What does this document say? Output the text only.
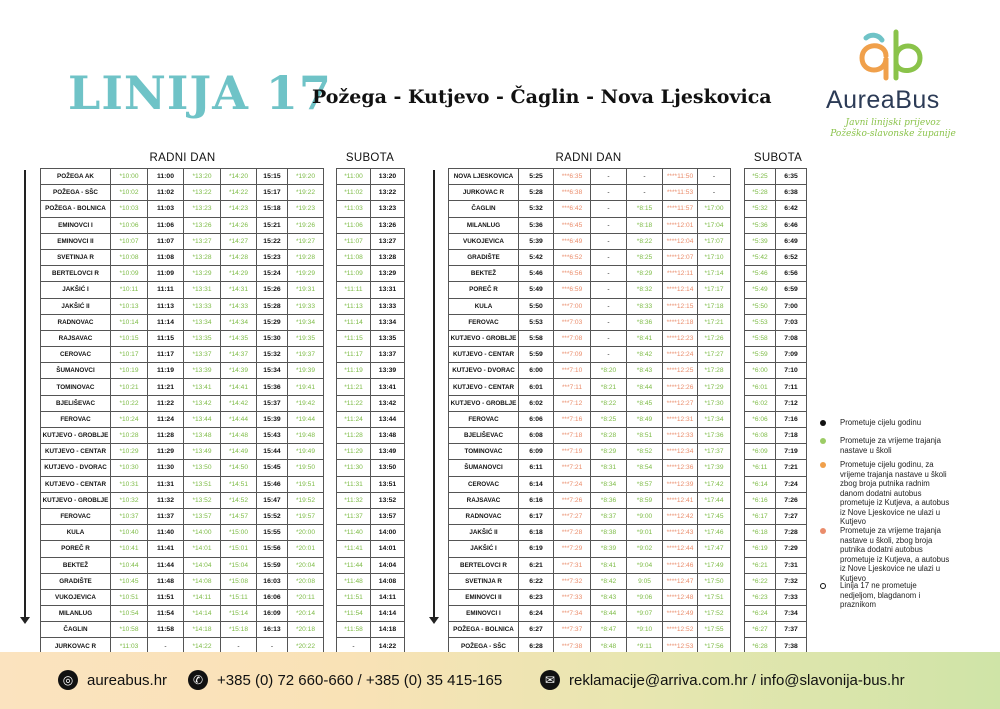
LINIJA 17
Požega - Kutjevo - Čaglin - Nova Ljeskovica AureaBus
Javni linijski prijevoz
Požeško-slavonske županije
RADNI DAN	SUBOTA	RADNI DAN	SUBOTA
POŽEGA AK	*10:00	11:00	*13:20	*14:20	15:15	*19:20
POŽEGA - SŠC	*10:02	11:02	*13:22	*14:22	15:17	*19:22
POŽEGA - BOLNICA	*10:03	11:03	*13:23	*14:23	15:18	*19:23
EMINOVCI I	*10:06	11:06	*13:26	*14:26	15:21	*19:26
EMINOVCI II	*10:07	11:07	*13:27	*14:27	15:22	*19:27
SVETINJA R	*10:08	11:08	*13:28	*14:28	15:23	*19:28
BERTELOVCI R	*10:09	11:09	*13:29	*14:29	15:24	*19:29
JAKŠIĆ I	*10:11	11:11	*13:31	*14:31	15:26	*19:31
JAKŠIĆ II	*10:13	11:13	*13:33	*14:33	15:28	*19:33
RADNOVAC	*10:14	11:14	*13:34	*14:34	15:29	*19:34
RAJSAVAC	*10:15	11:15	*13:35	*14:35	15:30	*19:35
CEROVAC	*10:17	11:17	*13:37	*14:37	15:32	*19:37
ŠUMANOVCI	*10:19	11:19	*13:39	*14:39	15:34	*19:39
TOMINOVAC	*10:21	11:21	*13:41	*14:41	15:36	*19:41
BJELIŠEVAC	*10:22	11:22	*13:42	*14:42	15:37	*19:42
FEROVAC	*10:24	11:24	*13:44	*14:44	15:39	*19:44
KUTJEVO - GROBLJE	*10:28	11:28	*13:48	*14:48	15:43	*19:48
KUTJEVO - CENTAR	*10:29	11:29	*13:49	*14:49	15:44	*19:49
KUTJEVO - DVORAC	*10:30	11:30	*13:50	*14:50	15:45	*19:50
KUTJEVO - CENTAR	*10:31	11:31	*13:51	*14:51	15:46	*19:51
KUTJEVO - GROBLJE	*10:32	11:32	*13:52	*14:52	15:47	*19:52
FEROVAC	*10:37	11:37	*13:57	*14:57	15:52	*19:57
KULA	*10:40	11:40	*14:00	*15:00	15:55	*20:00
POREČ R	*10:41	11:41	*14:01	*15:01	15:56	*20:01
BEKTEŽ	*10:44	11:44	*14:04	*15:04	15:59	*20:04
GRADIŠTE	*10:45	11:48	*14:08	*15:08	16:03	*20:08
VUKOJEVICA	*10:51	11:51	*14:11	*15:11	16:06	*20:11
MILANLUG	*10:54	11:54	*14:14	*15:14	16:09	*20:14
ČAGLIN	*10:58	11:58	*14:18	*15:18	16:13	*20:18
JURKOVAC R	*11:03	-	*14:22	-	-	*20:22

*11:00	13:20
*11:02	13:22
*11:03	13:23
*11:06	13:26
*11:07	13:27
*11:08	13:28
*11:09	13:29
*11:11	13:31
*11:13	13:33
*11:14	13:34
*11:15	13:35
*11:17	13:37
*11:19	13:39
*11:21	13:41
*11:22	13:42
*11:24	13:44
*11:28	13:48
*11:29	13:49
*11:30	13:50
*11:31	13:51
*11:32	13:52
*11:37	13:57
*11:40	14:00
*11:41	14:01
*11:44	14:04
*11:48	14:08
*11:51	14:11
*11:54	14:14
*11:58	14:18
-	14:22

NOVA LJESKOVICA	5:25	***6:35	-	-	****11:50	-
JURKOVAC R	5:28	***6:38	-	-	****11:53	-
ČAGLIN	5:32	***6:42	-	*8:15	****11:57	*17:00
MILANLUG	5:36	***6:45	-	*8:18	****12:01	*17:04
VUKOJEVICA	5:39	***6:49	-	*8:22	****12:04	*17:07
GRADIŠTE	5:42	***6:52	-	*8:25	****12:07	*17:10
BEKTEŽ	5:46	***6:56	-	*8:29	****12:11	*17:14
POREČ R	5:49	***6:59	-	*8:32	****12:14	*17:17
KULA	5:50	***7:00	-	*8:33	****12:15	*17:18
FEROVAC	5:53	***7:03	-	*8:36	****12:18	*17:21
KUTJEVO - GROBLJE	5:58	***7:08	-	*8:41	****12:23	*17:26
KUTJEVO - CENTAR	5:59	***7:09	-	*8:42	****12:24	*17:27
KUTJEVO - DVORAC	6:00	***7:10	*8:20	*8:43	****12:25	*17:28
KUTJEVO - CENTAR	6:01	***7:11	*8:21	*8:44	****12:26	*17:29
KUTJEVO - GROBLJE	6:02	***7:12	*8:22	*8:45	****12:27	*17:30
FEROVAC	6:06	***7:16	*8:25	*8:49	****12:31	*17:34
BJELIŠEVAC	6:08	***7:18	*8:28	*8:51	****12:33	*17:36
TOMINOVAC	6:09	***7:19	*8:29	*8:52	****12:34	*17:37
ŠUMANOVCI	6:11	***7:21	*8:31	*8:54	****12:36	*17:39
CEROVAC	6:14	***7:24	*8:34	*8:57	****12:39	*17:42
RAJSAVAC	6:16	***7:26	*8:36	*8:59	****12:41	*17:44
RADNOVAC	6:17	***7:27	*8:37	*9:00	****12:42	*17:45
JAKŠIĆ II	6:18	***7:28	*8:38	*9:01	****12:43	*17:46
JAKŠIĆ I	6:19	***7:29	*8:39	*9:02	****12:44	*17:47
BERTELOVCI R	6:21	***7:31	*8:41	*9:04	****12:46	*17:49
SVETINJA R	6:22	***7:32	*8:42	9:05	****12:47	*17:50
EMINOVCI II	6:23	***7:33	*8:43	*9:06	****12:48	*17:51
EMINOVCI I	6:24	***7:34	*8:44	*9:07	****12:49	*17:52
POŽEGA - BOLNICA	6:27	***7:37	*8:47	*9:10	****12:52	*17:55
POŽEGA - SŠC	6:28	***7:38	*8:48	*9:11	****12:53	*17:56

*5:25	6:35
*5:28	6:38
*5:32	6:42
*5:36	6:46
*5:39	6:49
*5:42	6:52
*5:46	6:56
*5:49	6:59
*5:50	7:00
*5:53	7:03
*5:58	7:08
*5:59	7:09
*6:00	7:10
*6:01	7:11
*6:02	7:12
*6:06	7:16
*6:08	7:18
*6:09	7:19
*6:11	7:21
*6:14	7:24
*6:16	7:26
*6:17	7:27
*6:18	7:28
*6:19	7:29
*6:21	7:31
*6:22	7:32
*6:23	7:33
*6:24	7:34
*6:27	7:37
*6:28	7:38

Prometuje cijelu godinu
Prometuje za vrijeme trajanja nastave u školi
Prometuje cijelu godinu, za vrijeme trajanja nastave u školi zbog broja putnika radnim danom dodatni autobus prometuje iz Kutjeva, a autobus iz Nove Ljeskovice ne ulazi u Kutjevo
Prometuje za vrijeme trajanja nastave u školi, zbog broja putnika dodatni autobus prometuje iz Kutjeva, a autobus iz Nove Ljeskovice ne ulazi u Kutjevo
Linija 17 ne prometuje nedjeljom, blagdanom i praznikom
◎ aureabus.hr	✆ +385 (0) 72 660-660 / +385 (0) 35 415-165	✉ reklamacije@arriva.com.hr / info@slavonija-bus.hr
